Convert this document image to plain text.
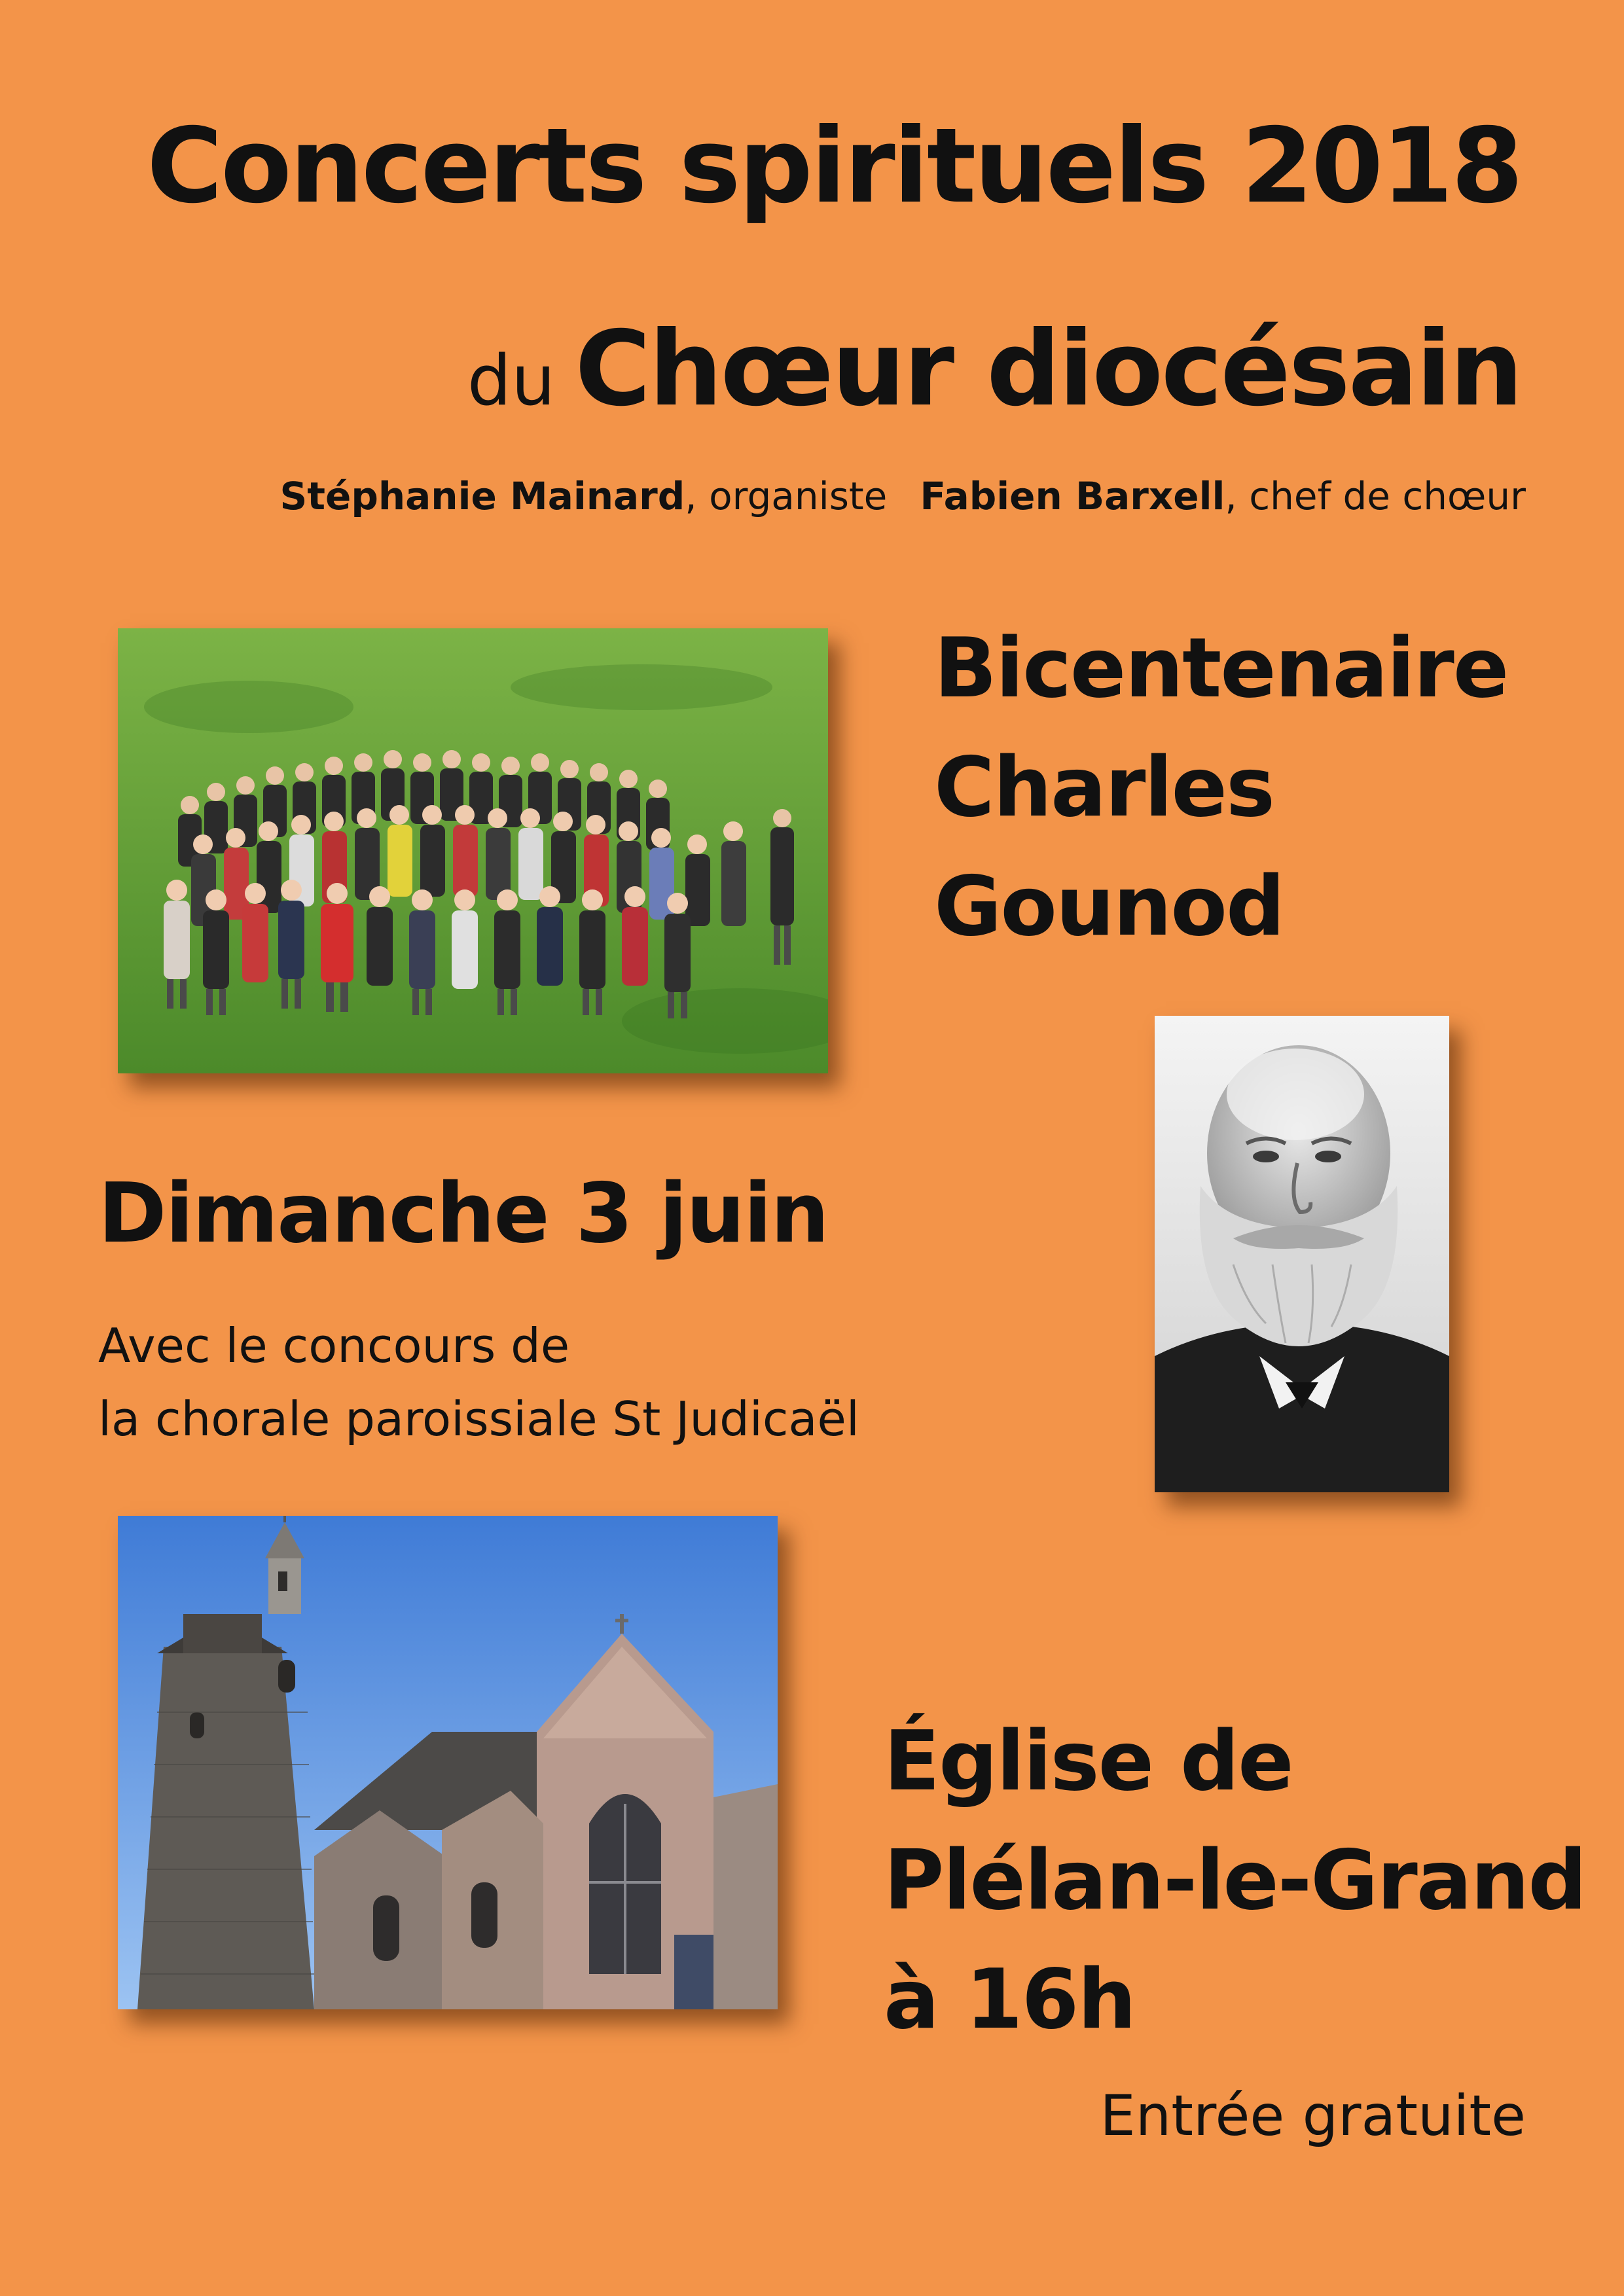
Concerts spirituels 2018
du Chœur diocésain
Stéphanie Mainard, organiste Fabien Barxell, chef de chœur
Bicentenaire
Charles
Gounod
Dimanche 3 juin
Avec le concours de
la chorale paroissiale St Judicaël
Église de
Plélan-le-Grand
à 16h
Entrée gratuite
